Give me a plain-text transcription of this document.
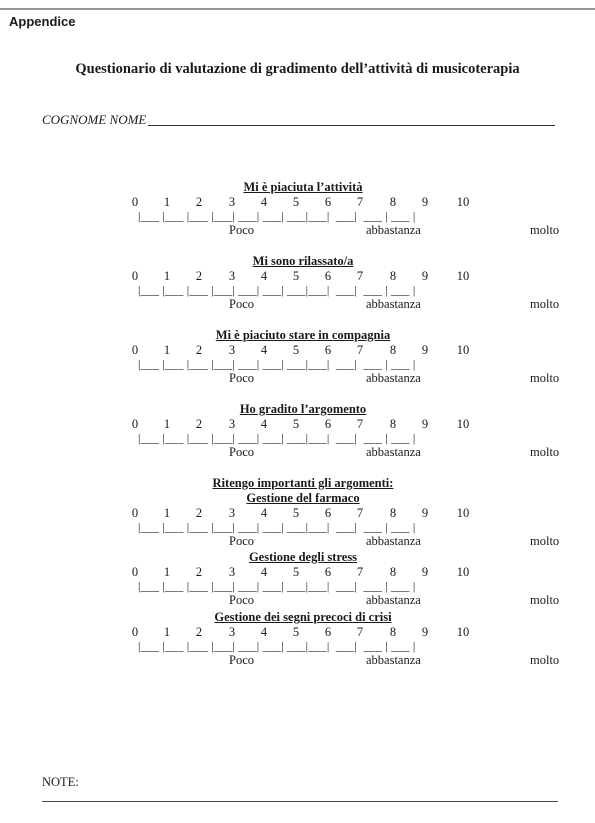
Appendice
Questionario di valutazione di gradimento dell’attività di musicoterapia
COGNOME NOME
Ritengo importanti gli argomenti:
Mi è piaciuta l’attività
0	1	2	3	4	5	6	7	8	9	10
|___ |___ |___ |___| ___| ___| ___|___|  ___|  ___ | ___ |
Poco	abbastanza	molto
Mi sono rilassato/a
0	1	2	3	4	5	6	7	8	9	10
|___ |___ |___ |___| ___| ___| ___|___|  ___|  ___ | ___ |
Poco	abbastanza	molto
Mi è piaciuto stare in compagnia
0	1	2	3	4	5	6	7	8	9	10
|___ |___ |___ |___| ___| ___| ___|___|  ___|  ___ | ___ |
Poco	abbastanza	molto
Ho gradito l’argomento
0	1	2	3	4	5	6	7	8	9	10
|___ |___ |___ |___| ___| ___| ___|___|  ___|  ___ | ___ |
Poco	abbastanza	molto
Gestione del farmaco
0	1	2	3	4	5	6	7	8	9	10
|___ |___ |___ |___| ___| ___| ___|___|  ___|  ___ | ___ |
Poco	abbastanza	molto
Gestione degli stress
0	1	2	3	4	5	6	7	8	9	10
|___ |___ |___ |___| ___| ___| ___|___|  ___|  ___ | ___ |
Poco	abbastanza	molto
Gestione dei segni precoci di crisi
0	1	2	3	4	5	6	7	8	9	10
|___ |___ |___ |___| ___| ___| ___|___|  ___|  ___ | ___ |
Poco	abbastanza	molto
NOTE:
